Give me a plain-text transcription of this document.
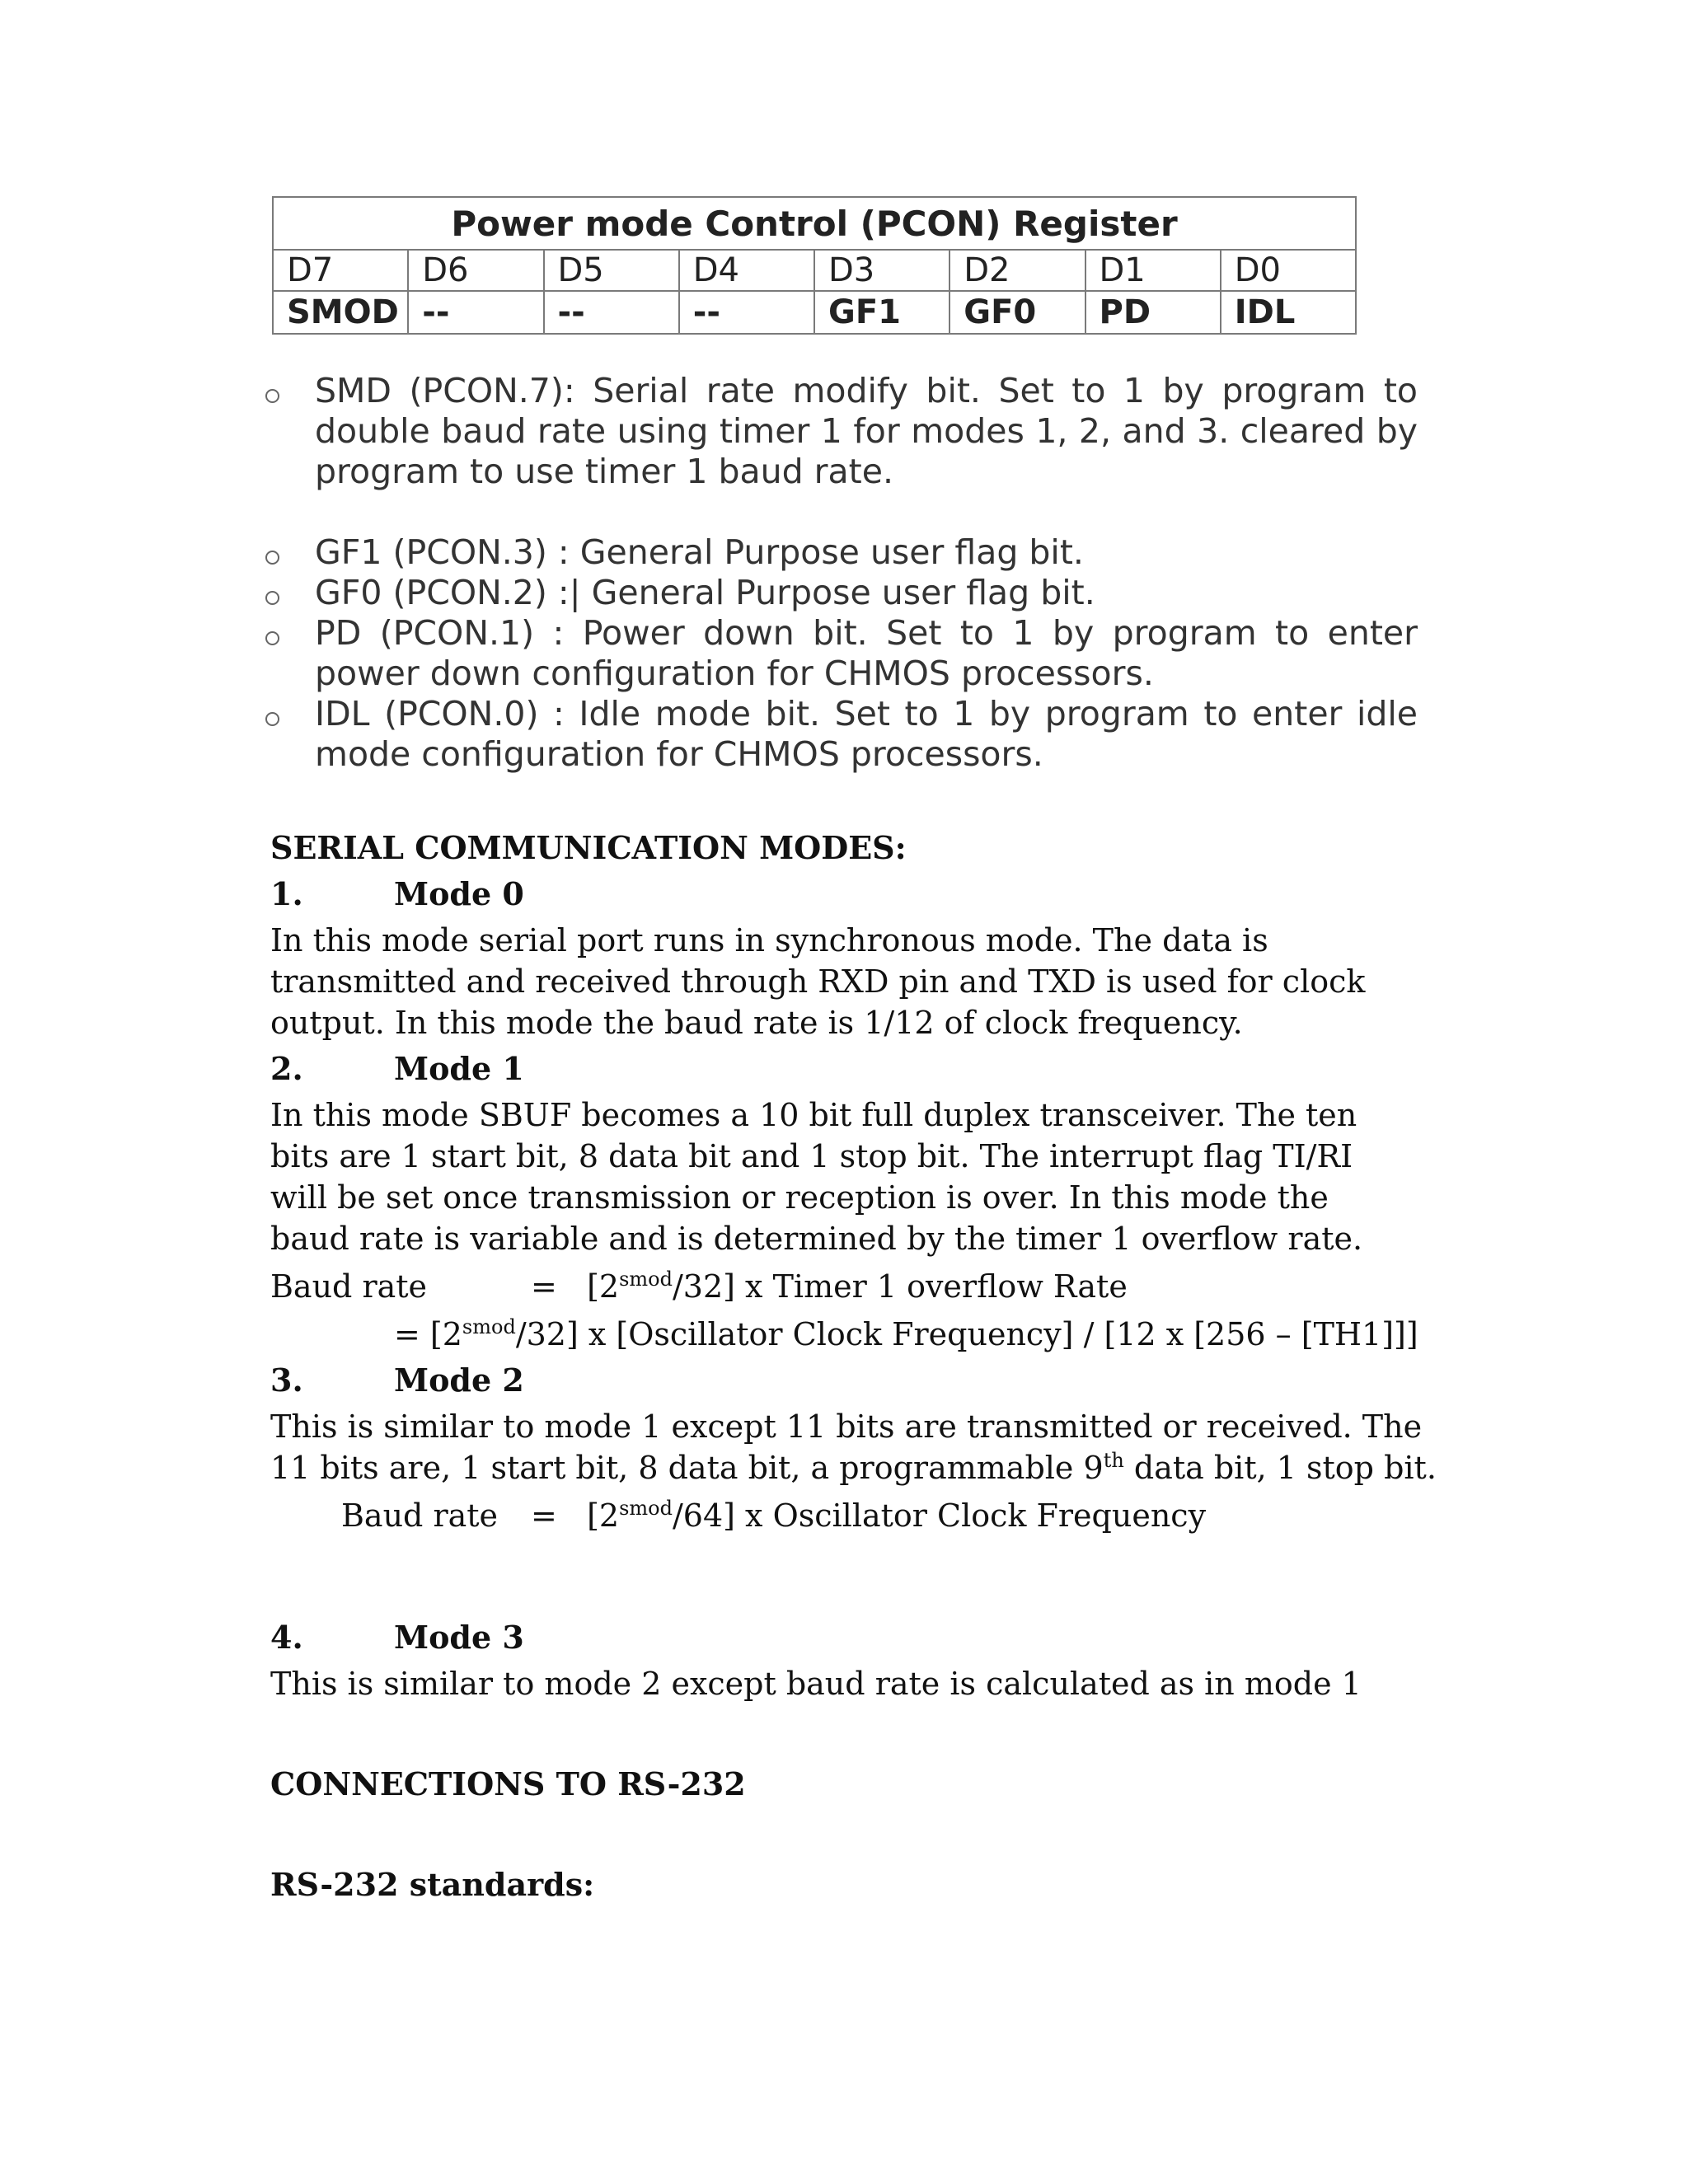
Power mode Control (PCON) Register							
D7	D6	D5	D4	D3	D2	D1	D0
SMOD	--	--	--	GF1	GF0	PD	IDL
SMD (PCON.7): Serial rate modify bit. Set to 1 by program to double baud rate using timer 1 for modes 1, 2, and 3. cleared by program to use timer 1 baud rate.
GF1 (PCON.3) : General Purpose user flag bit.
GF0 (PCON.2) :| General Purpose user flag bit.
PD (PCON.1) : Power down bit. Set to 1 by program to enter power down configuration for CHMOS processors.
IDL (PCON.0) : Idle mode bit. Set to 1 by program to enter idle mode configuration for CHMOS processors.

SERIAL COMMUNICATION MODES:

1.	Mode 0

In this mode serial port runs in synchronous mode. The data is transmitted and received through RXD pin and TXD is used for clock output. In this mode the baud rate is 1/12 of clock frequency.

2.	Mode 1

In this mode SBUF becomes a 10 bit full duplex transceiver. The ten bits are 1 start bit, 8 data bit and 1 stop bit. The interrupt flag TI/RI will be set once transmission or reception is over. In this mode the baud rate is variable and is determined by the timer 1 overflow rate.

Baud rate	= $[2^{smod}/32]$ x Timer 1 overflow Rate

= $[2^{smod}/32]$ x [Oscillator Clock Frequency] / [12 x [256 – [TH1]]]

3.	Mode 2

This is similar to mode 1 except 11 bits are transmitted or received. The 11 bits are, 1 start bit, 8 data bit, a programmable 9th data bit, 1 stop bit.

Baud rate = $[2^{smod}/64]$ x Oscillator Clock Frequency

4.	Mode 3

This is similar to mode 2 except baud rate is calculated as in mode 1

CONNECTIONS TO RS-232

RS-232 standards:
